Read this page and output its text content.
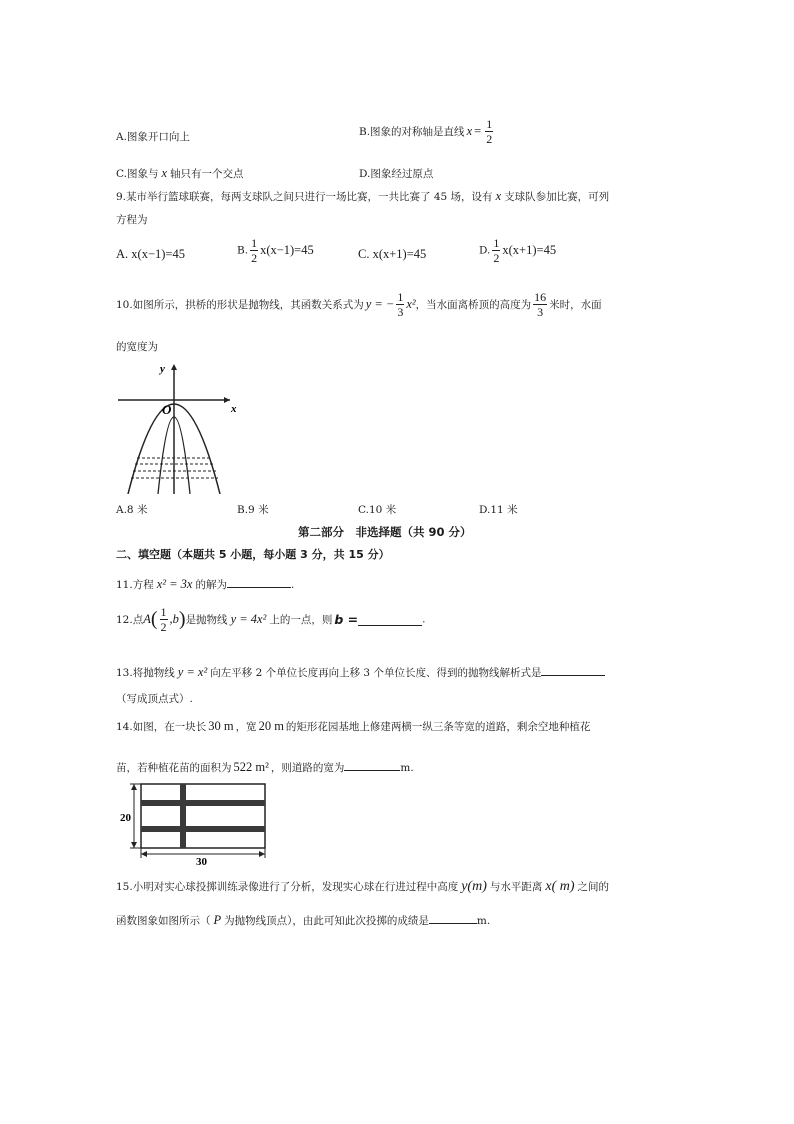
A.图象开口向上	B.图象的对称轴是直线 $x = \frac{1}{2}$
C.图象与 x 轴只有一个交点	D.图象经过原点
9.某市举行篮球联赛，每两支球队之间只进行一场比赛，一共比赛了 45 场，设有 x 支球队参加比赛，可列
方程为
A. x(x−1)=45	B. $\frac{1}{2} x(x-1)=45$	C. x(x+1)=45	D. $\frac{1}{2} x(x+1)=45$
10.如图所示，拱桥的形状是抛物线，其函数关系式为 y = − $\frac{1}{3} x^2$，当水面离桥顶的高度为 $\frac{16}{3}$ 米时，水面
的宽度为
y
x
O
A.8 米	B.9 米	C.10 米	D.11 米
第二部分　非选择题（共 90 分）
二、填空题（本题共 5 小题，每小题 3 分，共 15 分）
11.方程 x² = 3x 的解为	.
12.点$A( \frac{1}{2} ,b)$是抛物线 y = 4x² 上的一点，则 b =	.
13.将抛物线 y = x² 向左平移 2 个单位长度再向上移 3 个单位长度、得到的抛物线解析式是
（写成顶点式）.
14.如图，在一块长 30 m ，宽 20 m 的矩形花园基地上修建两横一纵三条等宽的道路，剩余空地种植花
苗，若种植花苗的面积为 522 m² ，则道路的宽为	m.
20
30
15.小明对实心球投掷训练录像进行了分析，发现实心球在行进过程中高度 y(m) 与水平距离 x( m) 之间的
函数图象如图所示（ P 为抛物线顶点），由此可知此次投掷的成绩是	m.
